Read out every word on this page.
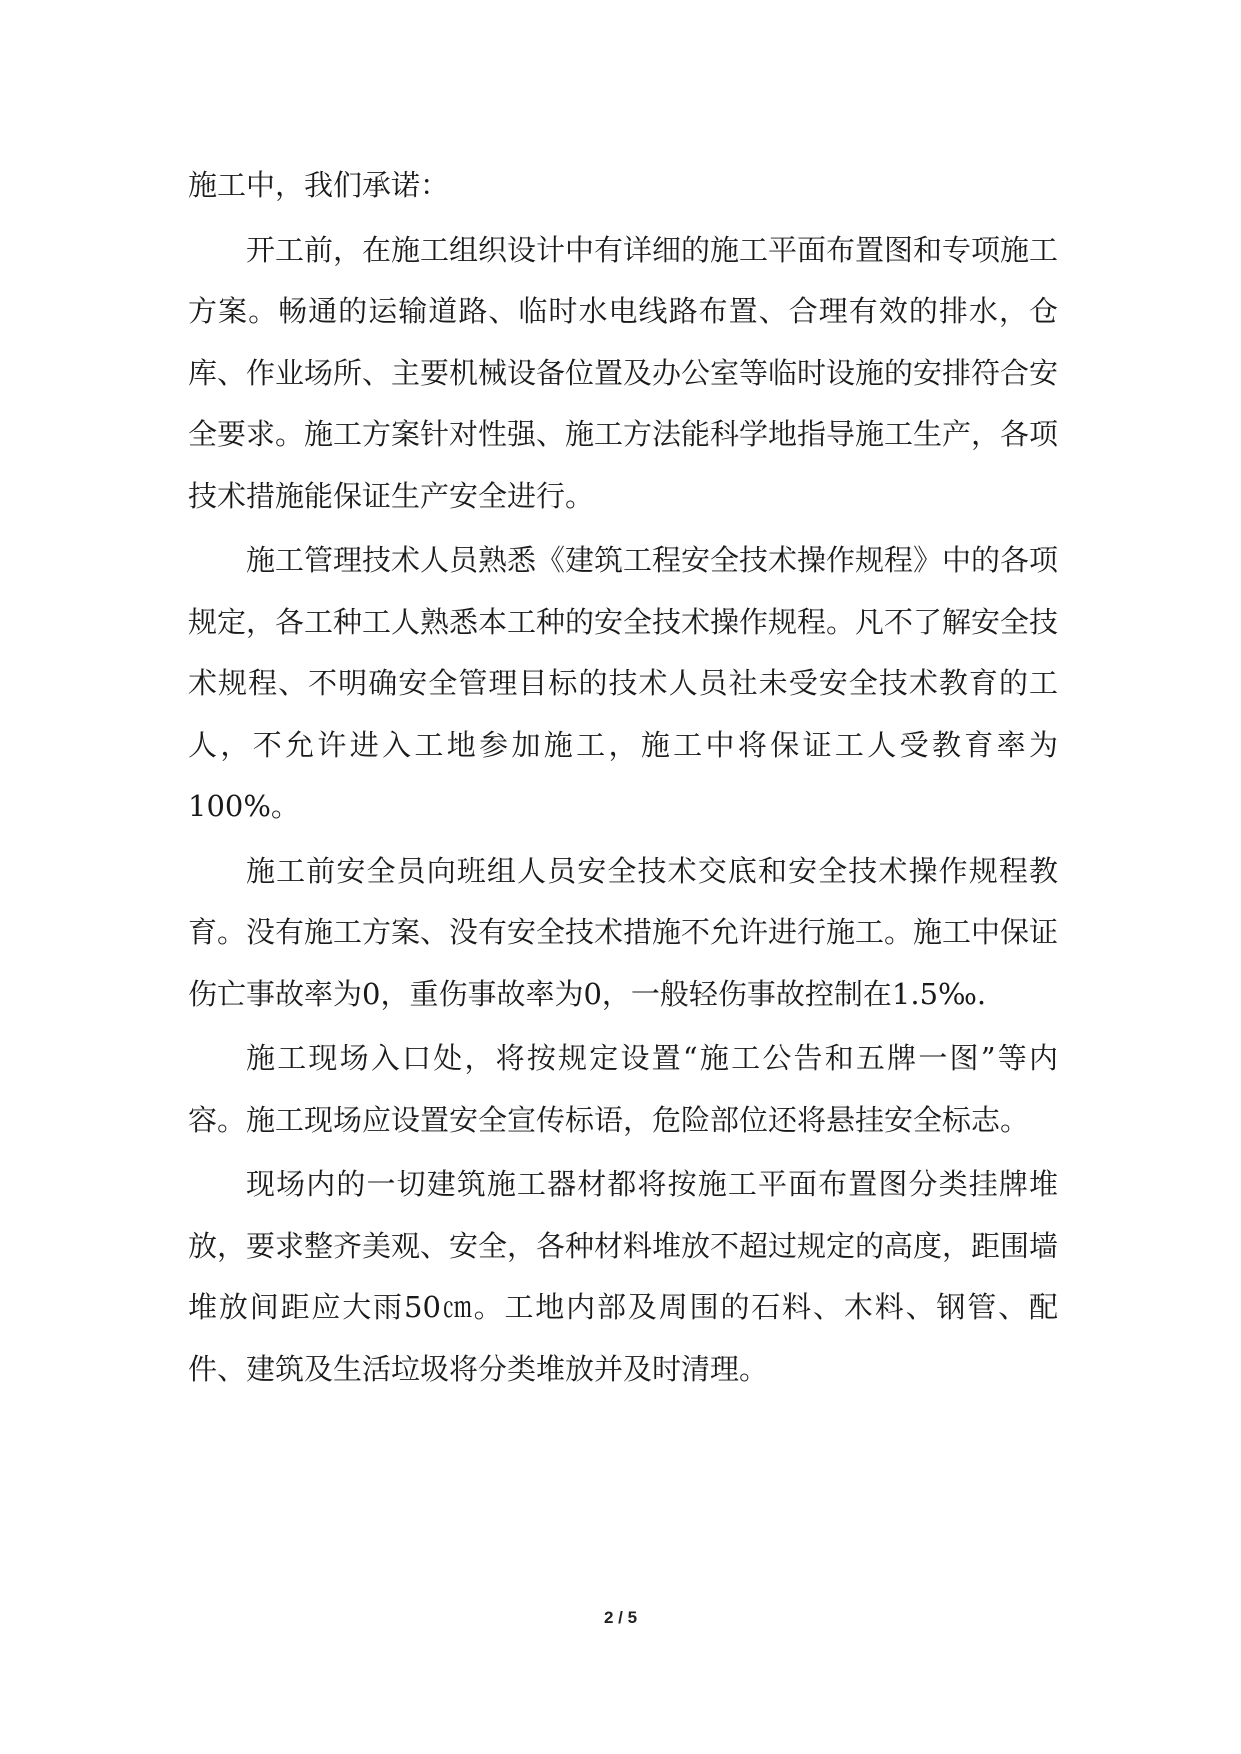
施工中，我们承诺：

开工前，在施工组织设计中有详细的施工平面布置图和专项施工方案。畅通的运输道路、临时水电线路布置、合理有效的排水，仓库、作业场所、主要机械设备位置及办公室等临时设施的安排符合安全要求。施工方案针对性强、施工方法能科学地指导施工生产，各项技术措施能保证生产安全进行。

施工管理技术人员熟悉《建筑工程安全技术操作规程》中的各项规定，各工种工人熟悉本工种的安全技术操作规程。凡不了解安全技术规程、不明确安全管理目标的技术人员社未受安全技术教育的工人，不允许进入工地参加施工，施工中将保证工人受教育率为100%。

施工前安全员向班组人员安全技术交底和安全技术操作规程教育。没有施工方案、没有安全技术措施不允许进行施工。施工中保证伤亡事故率为0，重伤事故率为0，一般轻伤事故控制在1.5‰.

施工现场入口处，将按规定设置“施工公告和五牌一图”等内容。施工现场应设置安全宣传标语，危险部位还将悬挂安全标志。

现场内的一切建筑施工器材都将按施工平面布置图分类挂牌堆放，要求整齐美观、安全，各种材料堆放不超过规定的高度，距围墙堆放间距应大雨50㎝。工地内部及周围的石料、木料、钢管、配件、建筑及生活垃圾将分类堆放并及时清理。

2 / 5
